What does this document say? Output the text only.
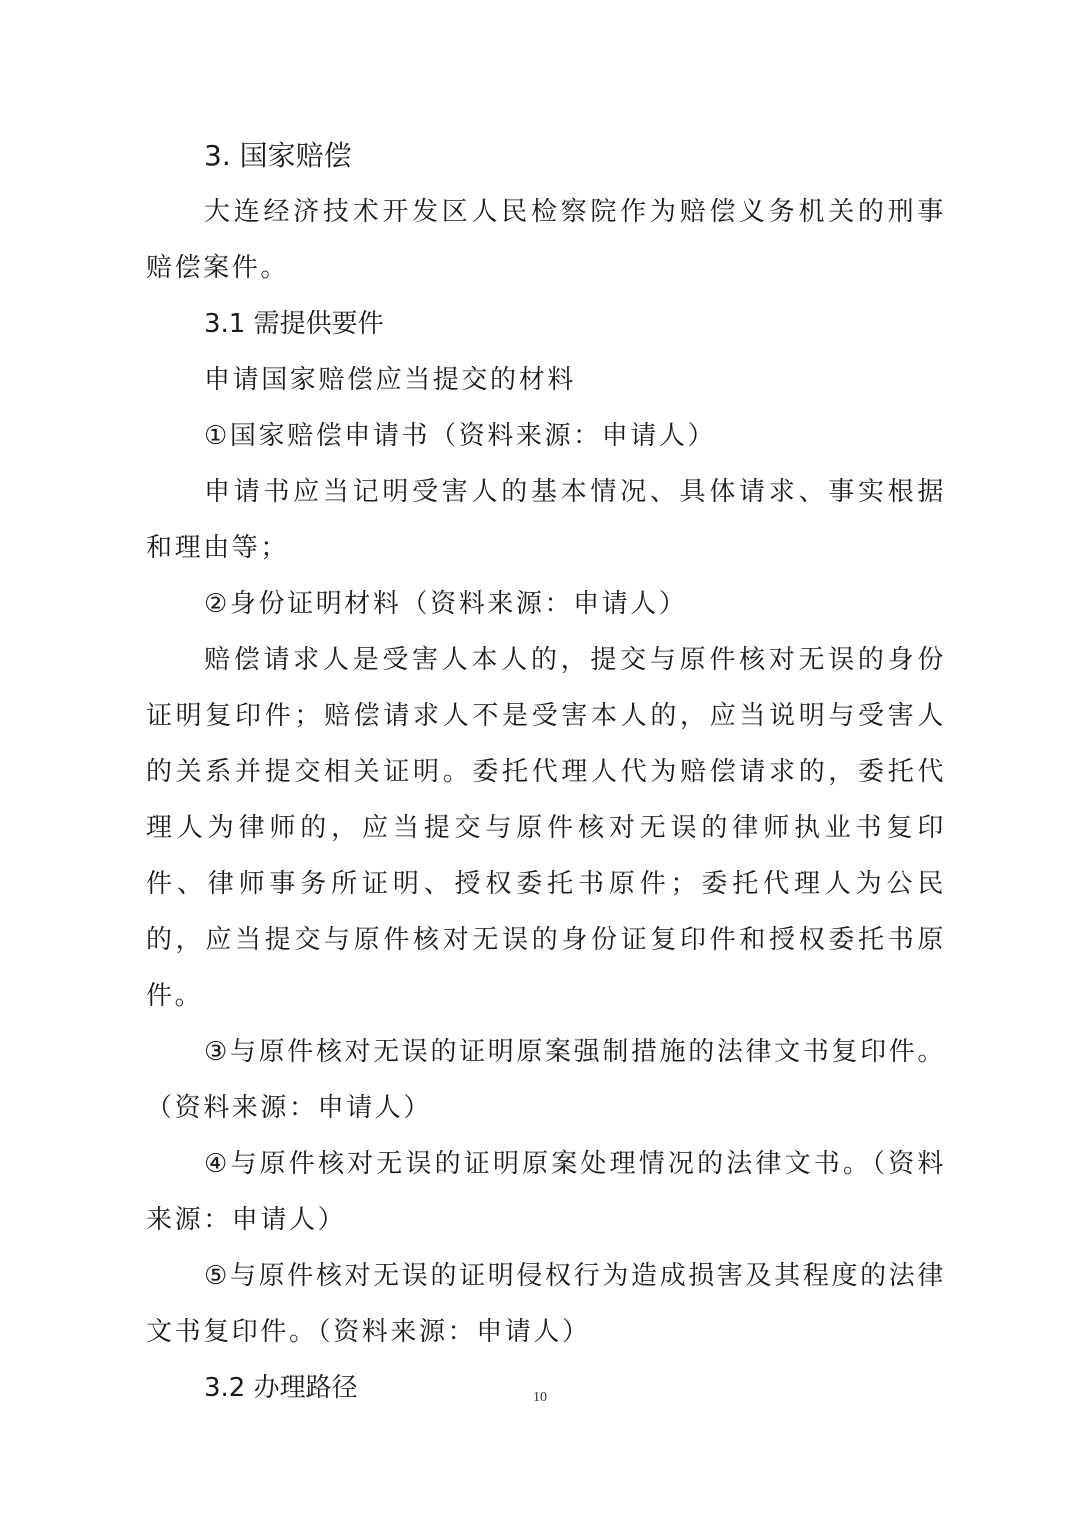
3. 国家赔偿

大连经济技术开发区人民检察院作为赔偿义务机关的刑事赔偿案件。

3.1 需提供要件

申请国家赔偿应当提交的材料

①国家赔偿申请书（资料来源：申请人）

申请书应当记明受害人的基本情况、具体请求、事实根据和理由等；

②身份证明材料（资料来源：申请人）

赔偿请求人是受害人本人的，提交与原件核对无误的身份证明复印件；赔偿请求人不是受害本人的，应当说明与受害人的关系并提交相关证明。委托代理人代为赔偿请求的，委托代理人为律师的，应当提交与原件核对无误的律师执业书复印件、律师事务所证明、授权委托书原件；委托代理人为公民的，应当提交与原件核对无误的身份证复印件和授权委托书原件。

③与原件核对无误的证明原案强制措施的法律文书复印件。（资料来源：申请人）

④与原件核对无误的证明原案处理情况的法律文书。（资料来源：申请人）

⑤与原件核对无误的证明侵权行为造成损害及其程度的法律文书复印件。（资料来源：申请人）

3.2 办理路径	10
